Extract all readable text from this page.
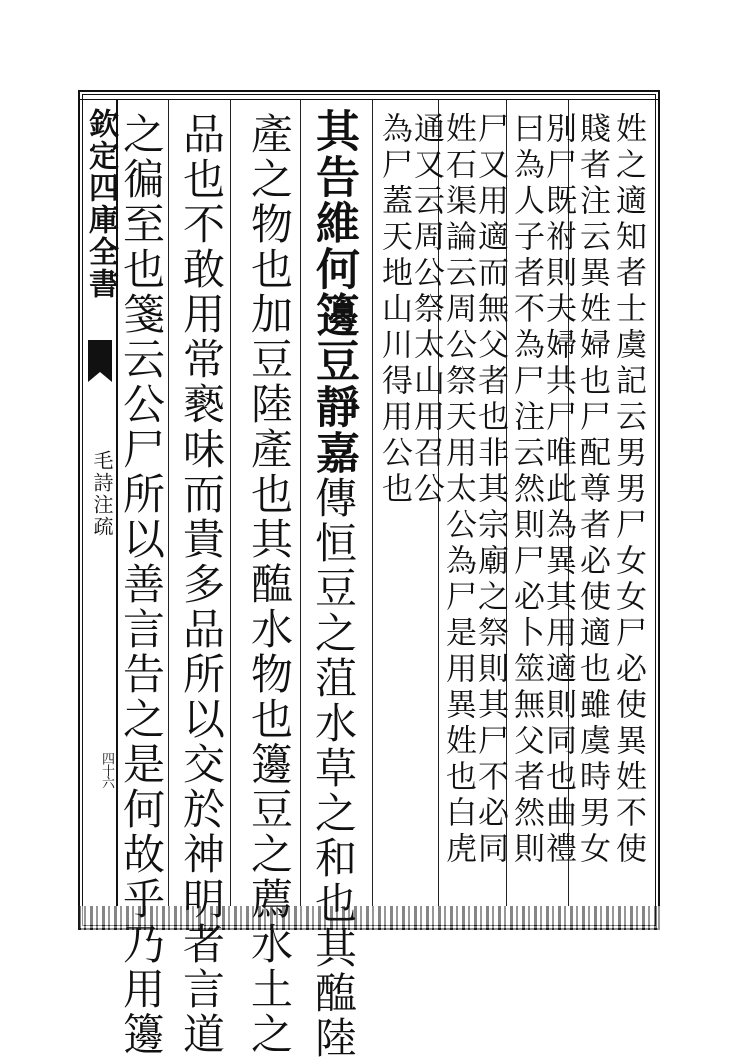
欽定四庫全書
毛詩注疏
四十六	姓之適知者士虞記云男男尸女女尸必使異姓不使
賤者注云異姓婦也尸配尊者必使適也雖虞時男女
別尸既祔則夫婦共尸唯此為異其用適則同也曲禮
曰為人子者不為尸注云然則尸必卜筮無父者然則
尸又用適而無父者也非其宗廟之祭則其尸不必同
姓石渠論云周公祭天用太公為尸是用異姓也白虎
通又云周公祭太山用召公
為尸蓋天地山川得用公也
其告維何籩豆靜嘉傳恒豆之菹水草之和也其醢陸
產之物也加豆陸產也其醢水物也籩豆之薦水土之
品也不敢用常褻味而貴多品所以交於神明者言道
之徧至也箋云公尸所以善言告之是何故乎乃用籩
